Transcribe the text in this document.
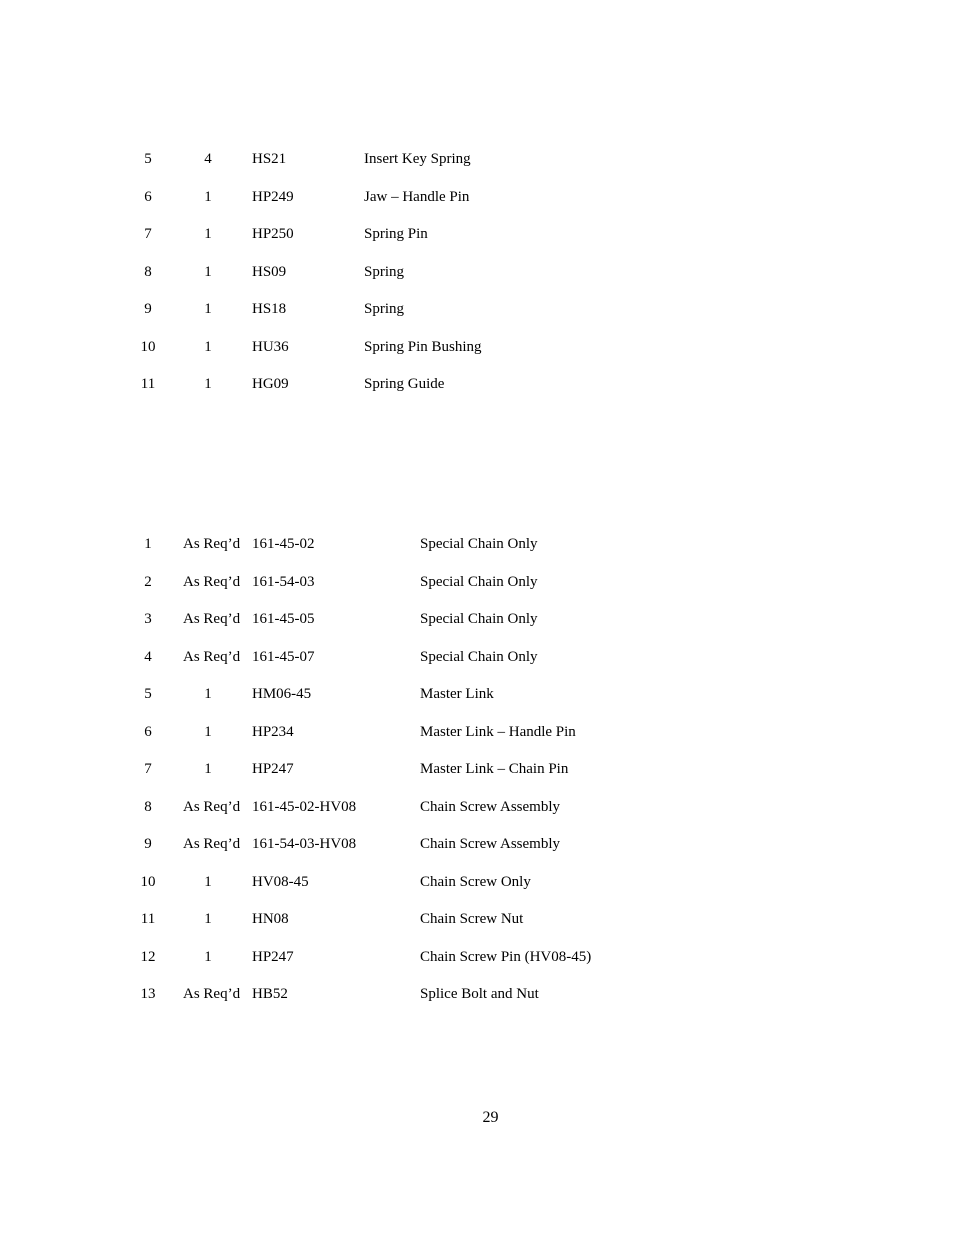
5	4	HS21	Insert Key Spring
6	1	HP249	Jaw – Handle Pin
7	1	HP250	Spring Pin
8	1	HS09	Spring
9	1	HS18	Spring
10	1	HU36	Spring Pin Bushing
11	1	HG09	Spring Guide
1	As Req’d 161-45-02	Special Chain Only
2	As Req’d 161-54-03	Special Chain Only
3	As Req’d 161-45-05	Special Chain Only
4	As Req’d 161-45-07	Special Chain Only
5	1	HM06-45	Master Link
6	1	HP234	Master Link – Handle Pin
7	1	HP247	Master Link – Chain Pin
8	As Req’d 161-45-02-HV08	Chain Screw Assembly
9	As Req’d 161-54-03-HV08	Chain Screw Assembly
10	1	HV08-45	Chain Screw Only
11	1	HN08	Chain Screw Nut
12	1	HP247	Chain Screw Pin (HV08-45)
13	As Req’d HB52	Splice Bolt and Nut
29
